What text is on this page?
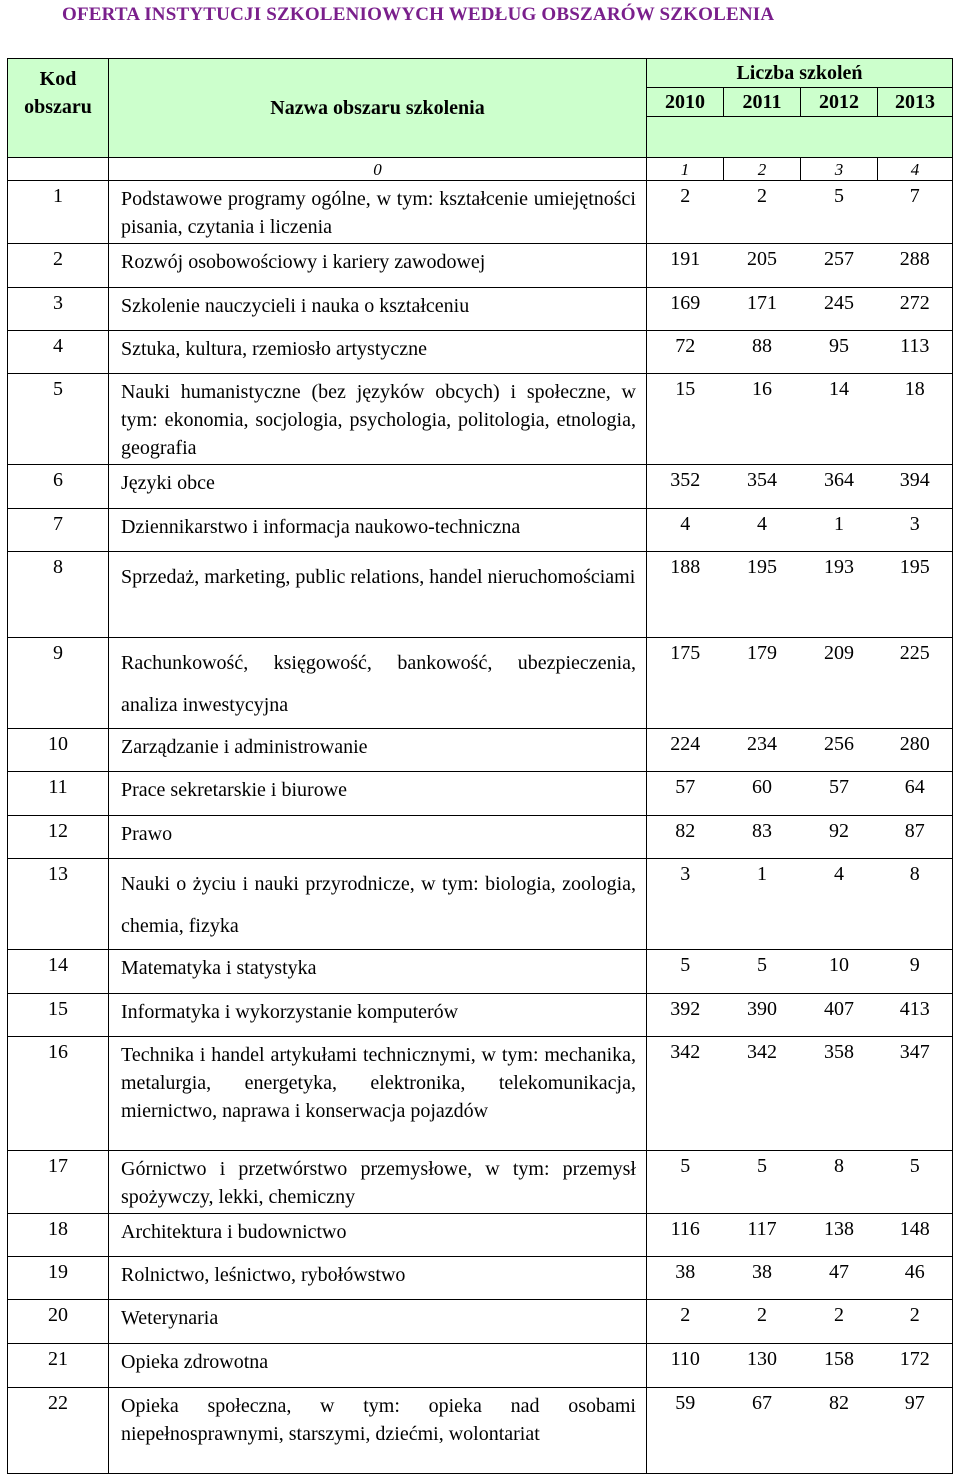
OFERTA INSTYTUCJI SZKOLENIOWYCH WEDŁUG OBSZARÓW SZKOLENIA
Kod obszaru	Nazwa obszaru szkolenia	Liczba szkoleń			
		2010	2011	2012	2013

	0	1	2	3	4
1	Podstawowe programy ogólne, w tym: kształcenie umiejętności pisania, czytania i liczenia	2	2	5	7
2	Rozwój osobowościowy i kariery zawodowej	191	205	257	288
3	Szkolenie nauczycieli i nauka o kształceniu	169	171	245	272
4	Sztuka, kultura, rzemiosło artystyczne	72	88	95	113
5	Nauki humanistyczne (bez języków obcych) i społeczne, w tym: ekonomia, socjologia, psychologia, politologia, etnologia, geografia	15	16	14	18
6	Języki obce	352	354	364	394
7	Dziennikarstwo i informacja naukowo-techniczna	4	4	1	3
8	Sprzedaż, marketing, public relations, handel nieruchomościami	188	195	193	195
9	Rachunkowość, księgowość, bankowość, ubezpieczenia, analiza inwestycyjna	175	179	209	225
10	Zarządzanie i administrowanie	224	234	256	280
11	Prace sekretarskie i biurowe	57	60	57	64
12	Prawo	82	83	92	87
13	Nauki o życiu i nauki przyrodnicze, w tym: biologia, zoologia, chemia, fizyka	3	1	4	8
14	Matematyka i statystyka	5	5	10	9
15	Informatyka i wykorzystanie komputerów	392	390	407	413
16	Technika i handel artykułami technicznymi, w tym: mechanika, metalurgia, energetyka, elektronika, telekomunikacja, miernictwo, naprawa i konserwacja pojazdów	342	342	358	347
17	Górnictwo i przetwórstwo przemysłowe, w tym: przemysł spożywczy, lekki, chemiczny	5	5	8	5
18	Architektura i budownictwo	116	117	138	148
19	Rolnictwo, leśnictwo, rybołówstwo	38	38	47	46
20	Weterynaria	2	2	2	2
21	Opieka zdrowotna	110	130	158	172
22	Opieka społeczna, w tym: opieka nad osobami niepełnosprawnymi, starszymi, dziećmi, wolontariat	59	67	82	97
